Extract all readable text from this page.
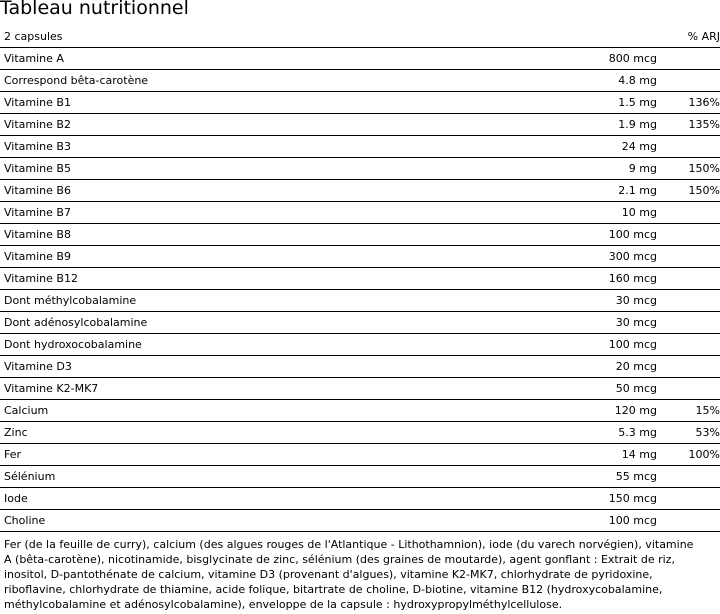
Tableau nutritionnel
2 capsules		% ARJ
Vitamine A	800 mcg	
Correspond bêta-carotène	4.8 mg	
Vitamine B1	1.5 mg	136%
Vitamine B2	1.9 mg	135%
Vitamine B3	24 mg	
Vitamine B5	9 mg	150%
Vitamine B6	2.1 mg	150%
Vitamine B7	10 mg	
Vitamine B8	100 mcg	
Vitamine B9	300 mcg	
Vitamine B12	160 mcg	
Dont méthylcobalamine	30 mcg	
Dont adénosylcobalamine	30 mcg	
Dont hydroxocobalamine	100 mcg	
Vitamine D3	20 mcg	
Vitamine K2-MK7	50 mcg	
Calcium	120 mg	15%
Zinc	5.3 mg	53%
Fer	14 mg	100%
Sélénium	55 mcg	
Iode	150 mcg	
Choline	100 mcg	

Fer (de la feuille de curry), calcium (des algues rouges de l'Atlantique - Lithothamnion), iode (du varech norvégien), vitamine A (bêta-carotène), nicotinamide, bisglycinate de zinc, sélénium (des graines de moutarde), agent gonflant : Extrait de riz, inositol, D-pantothénate de calcium, vitamine D3 (provenant d'algues), vitamine K2-MK7, chlorhydrate de pyridoxine, riboflavine, chlorhydrate de thiamine, acide folique, bitartrate de choline, D-biotine, vitamine B12 (hydroxycobalamine, méthylcobalamine et adénosylcobalamine), enveloppe de la capsule : hydroxypropylméthylcellulose.
